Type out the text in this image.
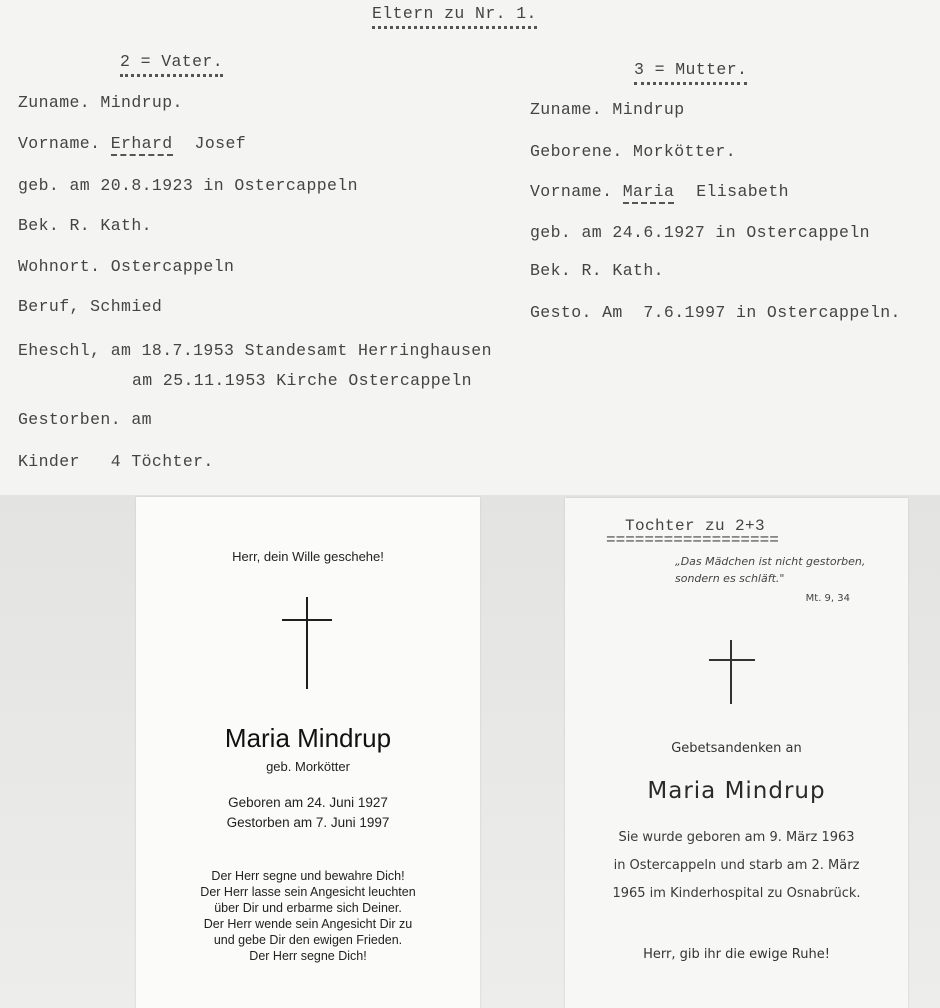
Eltern zu Nr. 1.
2 = Vater.
Zuname. Mindrup.
Vorname. Erhard Josef
geb. am 20.8.1923 in Ostercappeln
Bek. R. Kath.
Wohnort. Ostercappeln
Beruf, Schmied
Eheschl, am 18.7.1953 Standesamt Herringhausen
am 25.11.1953 Kirche Ostercappeln
Gestorben. am
Kinder   4 Töchter.
3 = Mutter.
Zuname. Mindrup
Geborene. Morkötter.
Vorname. Maria Elisabeth
geb. am 24.6.1927 in Ostercappeln
Bek. R. Kath.
Gesto. Am  7.6.1997 in Ostercappeln.
Herr, dein Wille geschehe!
Maria Mindrup
geb. Morkötter
Geboren am 24. Juni 1927
Gestorben am 7. Juni 1997
Der Herr segne und bewahre Dich!
Der Herr lasse sein Angesicht leuchten
über Dir und erbarme sich Deiner.
Der Herr wende sein Angesicht Dir zu
und gebe Dir den ewigen Frieden.
Der Herr segne Dich!
Tochter zu 2+3
==================
„Das Mädchen ist nicht gestorben,
sondern es schläft."
Mt. 9, 34
Gebetsandenken an
Maria Mindrup
Sie wurde geboren am 9. März 1963
in Ostercappeln und starb am 2. März
1965 im Kinderhospital zu Osnabrück.
Herr, gib ihr die ewige Ruhe!
